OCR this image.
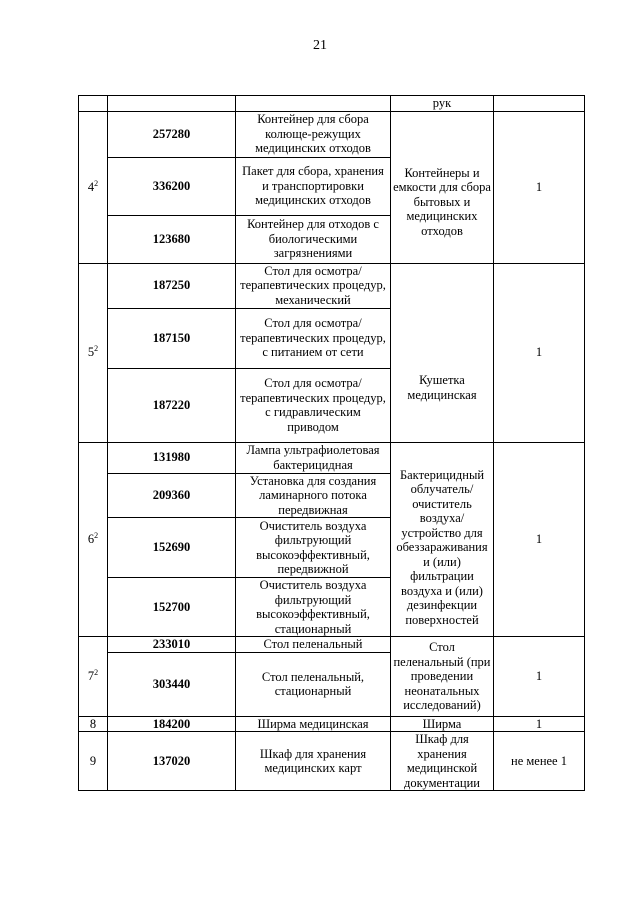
21
			рук	
$4^2$	257280	Контейнер для сбора колюще-режущих медицинских отходов	Контейнеры и емкости для сбора бытовых и медицинских отходов	1
	336200	Пакет для сбора, хранения и транспортировки медицинских отходов		
	123680	Контейнер для отходов с биологическими загрязнениями		
$5^2$	187250	Стол для осмотра/терапевтических процедур, механический	Кушетка медицинская	1
	187150	Стол для осмотра/терапевтических процедур, с питанием от сети		
	187220	Стол для осмотра/терапевтических процедур, с гидравлическим приводом		
$6^2$	131980	Лампа ультрафиолетовая бактерицидная	Бактерицидный облучатель/ очиститель воздуха/ устройство для обеззараживания и (или) фильтрации воздуха и (или) дезинфекции поверхностей	1
	209360	Установка для создания ламинарного потока передвижная		
	152690	Очиститель воздуха фильтрующий высокоэффективный, передвижной		
	152700	Очиститель воздуха фильтрующий высокоэффективный, стационарный		
$7^2$	233010	Стол пеленальный	Стол пеленальный (при проведении неонатальных исследований)	1
	303440	Стол пеленальный, стационарный		
8	184200	Ширма медицинская	Ширма	1
9	137020	Шкаф для хранения медицинских карт	Шкаф для хранения медицинской документации	не менее 1
